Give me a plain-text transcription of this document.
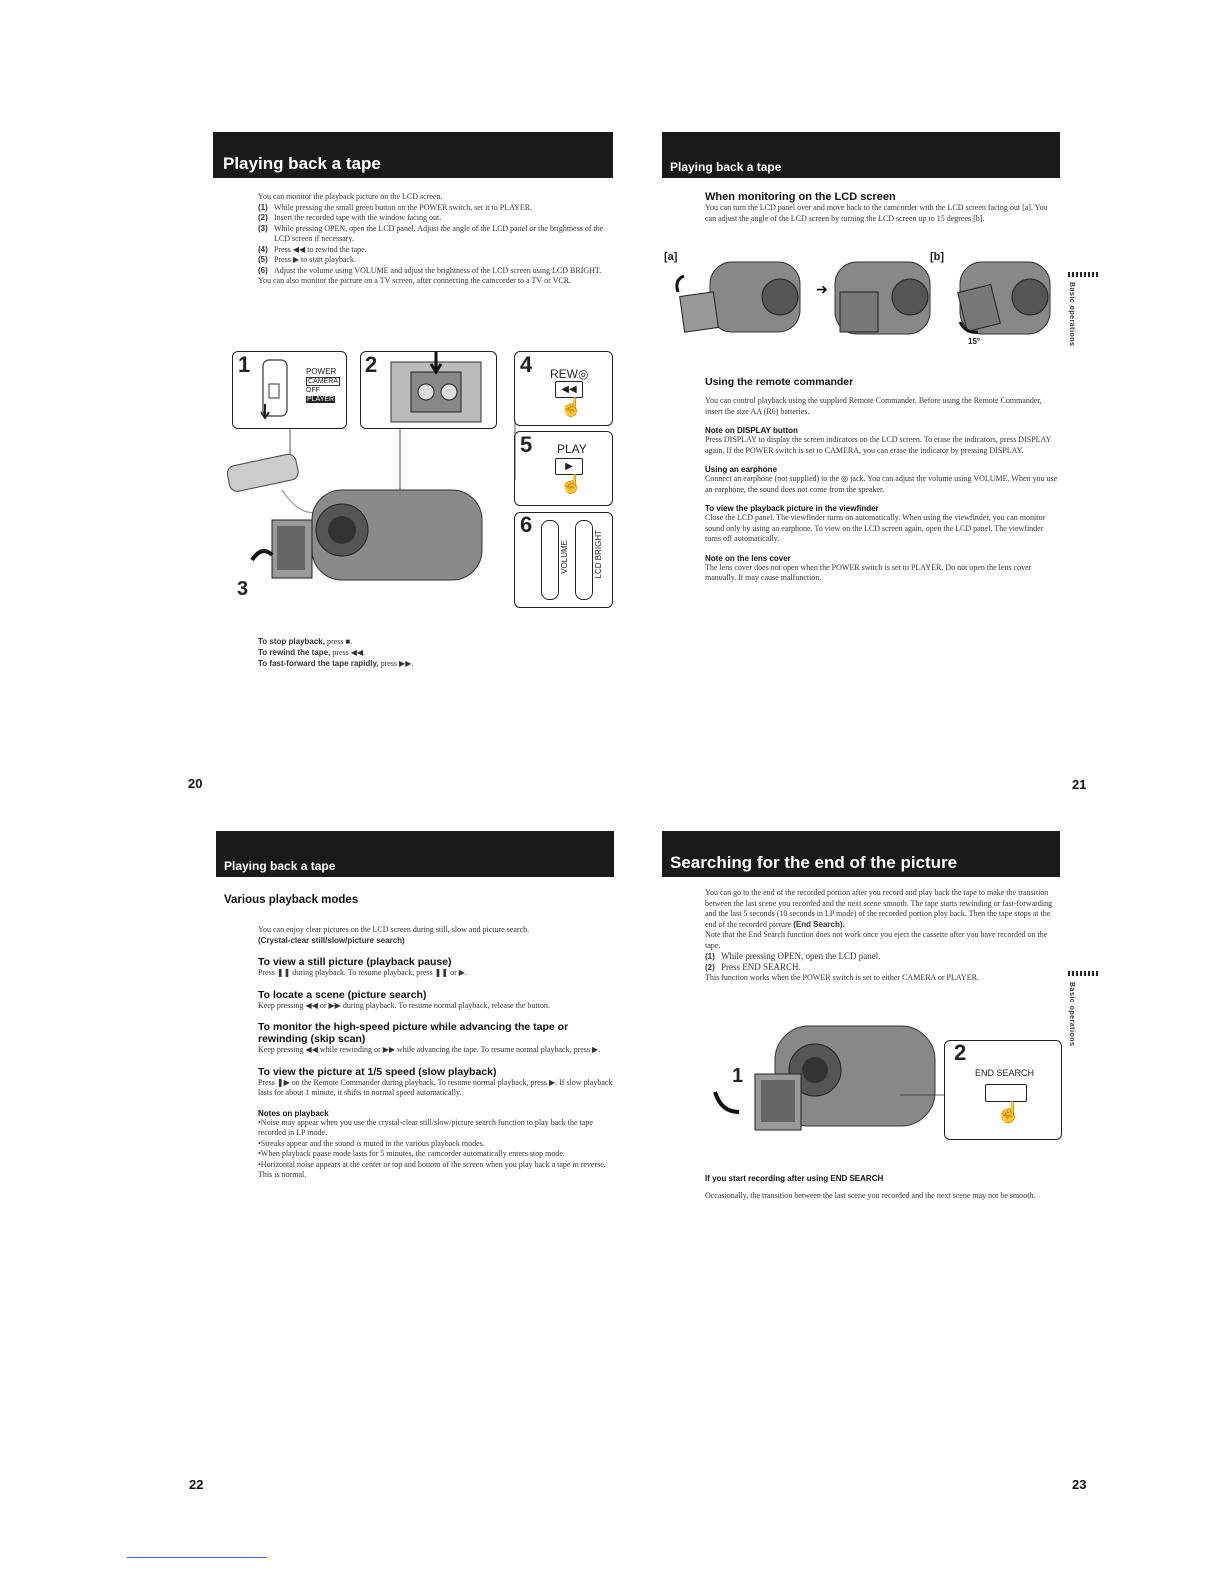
Playing back a tape

You can monitor the playback picture on the LCD screen.

(1) While pressing the small green button on the POWER switch, set it to PLAYER.
(2) Insert the recorded tape with the window facing out.
(3) While pressing OPEN, open the LCD panel. Adjust the angle of the LCD panel or the brightness of the LCD screen if necessary.
(4) Press ◀◀ to rewind the tape.
(5) Press ▶ to start playback.
(6) Adjust the volume using VOLUME and adjust the brightness of the LCD screen using LCD BRIGHT.

You can also monitor the picture on a TV screen, after connecting the camcorder to a TV or VCR.

1	POWER
CAMERA
OFF
PLAYER
2	4 REW◎
◀◀
☝
5 PLAY
▶
☝
6
VOLUME	LCD BRIGHT
3
To stop playback, press ■.
To rewind the tape, press ◀◀.
To fast-forward the tape rapidly, press ▶▶.
20
Playing back a tape

When monitoring on the LCD screen

You can turn the LCD panel over and move back to the camcorder with the LCD screen facing out [a]. You can adjust the angle of the LCD screen by turning the LCD screen up to 15 degrees [b].

[a]	[b]
➔
15°

Using the remote commander

You can control playback using the supplied Remote Commander. Before using the Remote Commander, insert the size AA (R6) batteries.

Note on DISPLAY button

Press DISPLAY to display the screen indicators on the LCD screen. To erase the indicators, press DISPLAY again. If the POWER switch is set to CAMERA, you can erase the indicator by pressing DISPLAY.

Using an earphone

Connect an earphone (not supplied) to the ◎ jack. You can adjust the volume using VOLUME. When you use an earphone, the sound does not come from the speaker.

To view the playback picture in the viewfinder

Close the LCD panel. The viewfinder turns on automatically. When using the viewfinder, you can monitor sound only by using an earphone. To view on the LCD screen again, open the LCD panel. The viewfinder turns off automatically.

Note on the lens cover

The lens cover does not open when the POWER switch is set to PLAYER. Do not open the lens cover manually. It may cause malfunction.

Basic operations
21
Playing back a tape

Various playback modes

You can enjoy clear pictures on the LCD screen during still, slow and picture search.
(Crystal-clear still/slow/picture search)

To view a still picture (playback pause)

Press ❚❚ during playback. To resume playback, press ❚❚ or ▶.

To locate a scene (picture search)

Keep pressing ◀◀ or ▶▶ during playback. To resume normal playback, release the button.

To monitor the high-speed picture while advancing the tape or rewinding (skip scan)

Keep pressing ◀◀ while rewinding or ▶▶ while advancing the tape. To resume normal playback, press ▶.

To view the picture at 1/5 speed (slow playback)

Press ❚▶ on the Remote Commander during playback. To resume normal playback, press ▶. If slow playback lasts for about 1 minute, it shifts to normal speed automatically.

Notes on playback

•Noise may appear when you use the crystal-clear still/slow/picture search function to play back the tape recorded in LP mode.

•Streaks appear and the sound is muted in the various playback modes.

•When playback pause mode lasts for 5 minutes, the camcorder automatically enters stop mode.

•Horizontal noise appears at the center or top and bottom of the screen when you play back a tape in reverse. This is normal.

22
Searching for the end of the picture

You can go to the end of the recorded portion after you record and play back the tape to make the transition between the last scene you recorded and the next scene smooth. The tape starts rewinding or fast-forwarding and the last 5 seconds (10 seconds in LP mode) of the recorded portion play back. Then the tape stops at the end of the recorded picture (End Search).

Note that the End Search function does not work once you eject the cassette after you have recorded on the tape.

(1) While pressing OPEN, open the LCD panel.
(2) Press END SEARCH.

This function works when the POWER switch is set to either CAMERA or PLAYER.

1
2
END SEARCH
☝

If you start recording after using END SEARCH

Occasionally, the transition between the last scene you recorded and the next scene may not be smooth.

Basic operations
23
